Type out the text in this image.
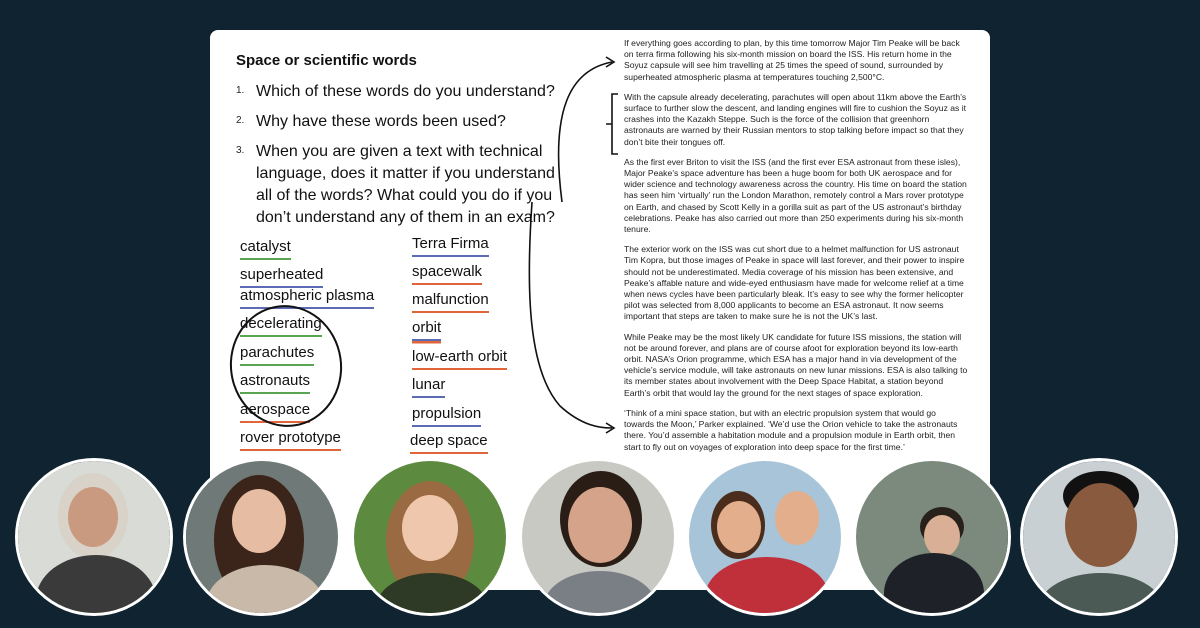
Space or scientific words
1. Which of these words do you understand?
2. Why have these words been used?
3. When you are given a text with technical language, does it matter if you understand all of the words? What could you do if you don’t understand any of them in an exam?
catalyst
superheated
atmospheric plasma
decelerating
parachutes
astronauts
aerospace
rover prototype
Terra Firma
spacewalk
malfunction
orbit
low-earth orbit
lunar
propulsion
deep space
If everything goes according to plan, by this time tomorrow Major Tim Peake will be back on terra firma following his six-month mission on board the ISS. His return home in the Soyuz capsule will see him travelling at 25 times the speed of sound, surrounded by superheated atmospheric plasma at temperatures touching 2,500°C.
With the capsule already decelerating, parachutes will open about 11km above the Earth’s surface to further slow the descent, and landing engines will fire to cushion the Soyuz as it crashes into the Kazakh Steppe. Such is the force of the collision that greenhorn astronauts are warned by their Russian mentors to stop talking before impact so that they don’t bite their tongues off.
As the first ever Briton to visit the ISS (and the first ever ESA astronaut from these isles), Major Peake’s space adventure has been a huge boom for both UK aerospace and for wider science and technology awareness across the country. His time on board the station has seen him ‘virtually’ run the London Marathon, remotely control a Mars rover prototype on Earth, and chased by Scott Kelly in a gorilla suit as part of the US astronaut’s birthday celebrations. Peake has also carried out more than 250 experiments during his six-month tenure.
The exterior work on the ISS was cut short due to a helmet malfunction for US astronaut Tim Kopra, but those images of Peake in space will last forever, and their power to inspire should not be underestimated. Media coverage of his mission has been extensive, and Peake’s affable nature and wide-eyed enthusiasm have made for welcome relief at a time when news cycles have been particularly bleak. It’s easy to see why the former helicopter pilot was selected from 8,000 applicants to become an ESA astronaut. It now seems important that steps are taken to make sure he is not the UK’s last.
While Peake may be the most likely UK candidate for future ISS missions, the station will not be around forever, and plans are of course afoot for exploration beyond its low-earth orbit. NASA’s Orion programme, which ESA has a major hand in via development of the vehicle’s service module, will take astronauts on new lunar missions. ESA is also talking to its member states about involvement with the Deep Space Habitat, a station beyond Earth’s orbit that would lay the ground for the next stages of space exploration.
‘Think of a mini space station, but with an electric propulsion system that would go towards the Moon,’ Parker explained. ‘We’d use the Orion vehicle to take the astronauts there. You’d assemble a habitation module and a propulsion module in Earth orbit, then start to fly out on voyages of exploration into deep space for the first time.’
